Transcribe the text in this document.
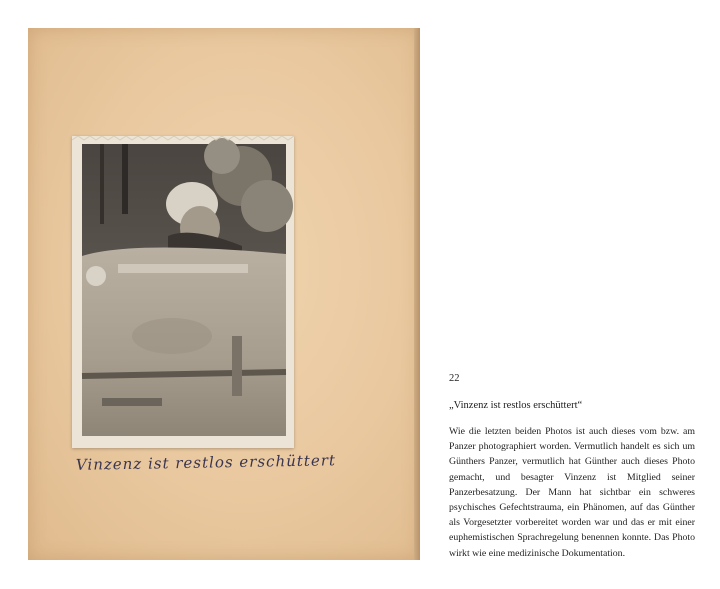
Vinzenz ist restlos erschüttert

22

„Vinzenz ist restlos erschüttert“

Wie die letzten beiden Photos ist auch dieses vom bzw. am Panzer photographiert worden. Vermutlich handelt es sich um Günthers Panzer, vermutlich hat Günther auch dieses Photo gemacht, und besagter Vinzenz ist Mitglied seiner Panzerbesatzung. Der Mann hat sichtbar ein schweres psychisches Gefechtstrauma, ein Phänomen, auf das Günther als Vorgesetzter vorbereitet worden war und das er mit einer euphemistischen Sprachregelung benennen konnte. Das Photo wirkt wie eine medizinische Dokumentation.
